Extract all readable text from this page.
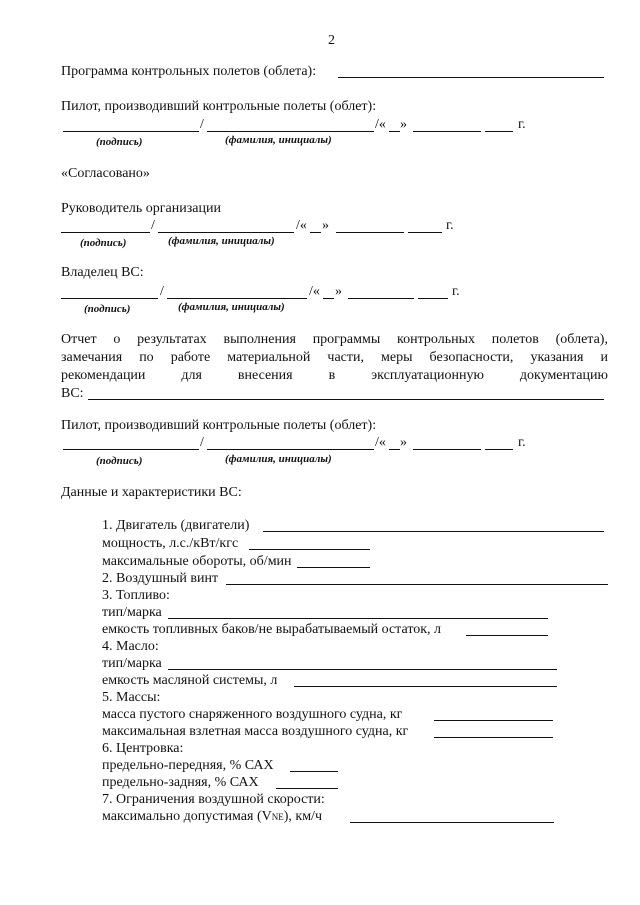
2
Программа контрольных полетов (облета):
Пилот, производивший контрольные полеты (облет):
/	/« »	г.
(подпись)	(фамилия, инициалы)
«Согласовано»
Руководитель организации
/	/« »	г.
(подпись)	(фамилия, инициалы)
Владелец ВС:
/	/« »	г.
(подпись)	(фамилия, инициалы)
Отчет о результатах выполнения программы контрольных полетов (облета),
замечания по работе материальной части, меры безопасности, указания и
рекомендации	для	внесения	в	эксплуатационную	документацию
ВС:
Пилот, производивший контрольные полеты (облет):
/	/« »	г.
(подпись)	(фамилия, инициалы)
Данные и характеристики ВС:
1. Двигатель (двигатели)
мощность, л.с./кВт/кгс
максимальные обороты, об/мин
2. Воздушный винт
3. Топливо:
тип/марка
емкость топливных баков/не вырабатываемый остаток, л
4. Масло:
тип/марка
емкость масляной системы, л
5. Массы:
масса пустого снаряженного воздушного судна, кг
максимальная взлетная масса воздушного судна, кг
6. Центровка:
предельно-передняя, % САХ
предельно-задняя, % САХ
7. Ограничения воздушной скорости:
максимально допустимая (VNE), км/ч
